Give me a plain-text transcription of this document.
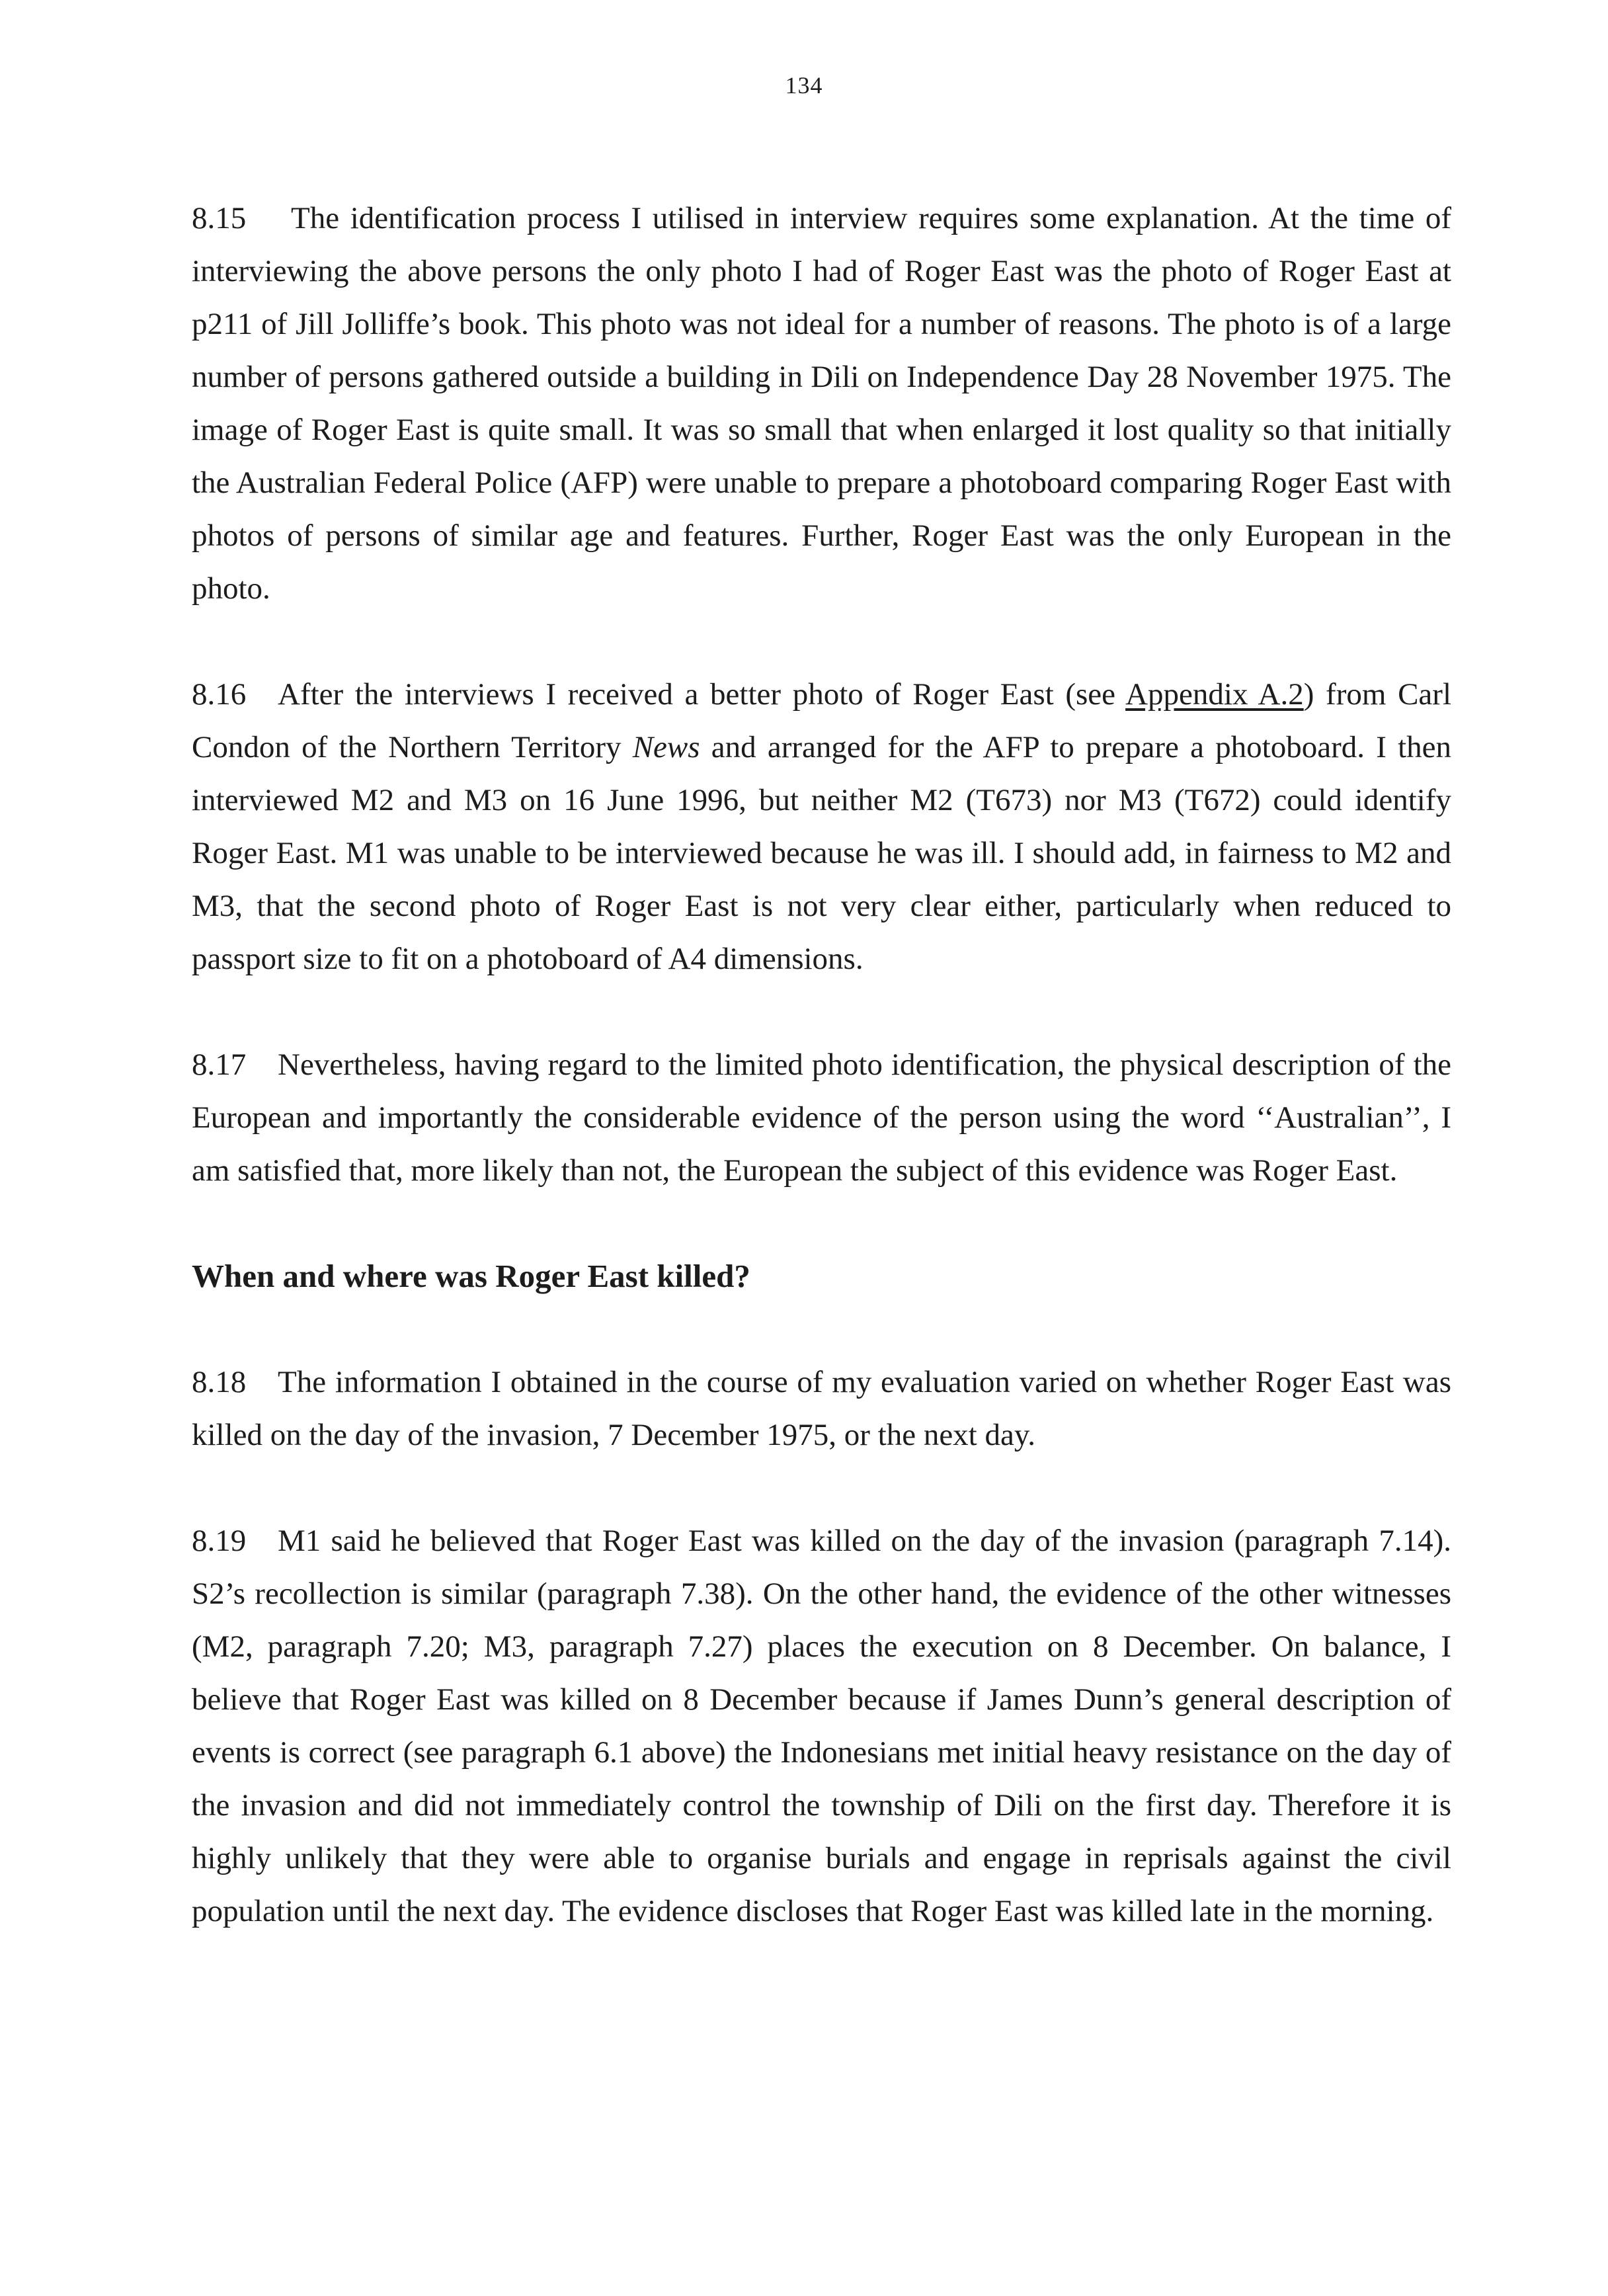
134

8.15 The identification process I utilised in interview requires some explanation. At the time of interviewing the above persons the only photo I had of Roger East was the photo of Roger East at p211 of Jill Jolliffe’s book. This photo was not ideal for a number of reasons. The photo is of a large number of persons gathered outside a building in Dili on Independence Day 28 November 1975. The image of Roger East is quite small. It was so small that when enlarged it lost quality so that initially the Australian Federal Police (AFP) were unable to prepare a photoboard comparing Roger East with photos of persons of similar age and features. Further, Roger East was the only European in the photo.

8.16 After the interviews I received a better photo of Roger East (see Appendix A.2) from Carl Condon of the Northern Territory News and arranged for the AFP to prepare a photoboard. I then interviewed M2 and M3 on 16 June 1996, but neither M2 (T673) nor M3 (T672) could identify Roger East. M1 was unable to be interviewed because he was ill. I should add, in fairness to M2 and M3, that the second photo of Roger East is not very clear either, particularly when reduced to passport size to fit on a photoboard of A4 dimensions.

8.17 Nevertheless, having regard to the limited photo identification, the physical description of the European and importantly the considerable evidence of the person using the word ‘‘Australian’’, I am satisfied that, more likely than not, the European the subject of this evidence was Roger East.

When and where was Roger East killed?

8.18 The information I obtained in the course of my evaluation varied on whether Roger East was killed on the day of the invasion, 7 December 1975, or the next day.

8.19 M1 said he believed that Roger East was killed on the day of the invasion (paragraph 7.14). S2’s recollection is similar (paragraph 7.38). On the other hand, the evidence of the other witnesses (M2, paragraph 7.20; M3, paragraph 7.27) places the execution on 8 December. On balance, I believe that Roger East was killed on 8 December because if James Dunn’s general description of events is correct (see paragraph 6.1 above) the Indonesians met initial heavy resistance on the day of the invasion and did not immediately control the township of Dili on the first day. Therefore it is highly unlikely that they were able to organise burials and engage in reprisals against the civil population until the next day. The evidence discloses that Roger East was killed late in the morning.
